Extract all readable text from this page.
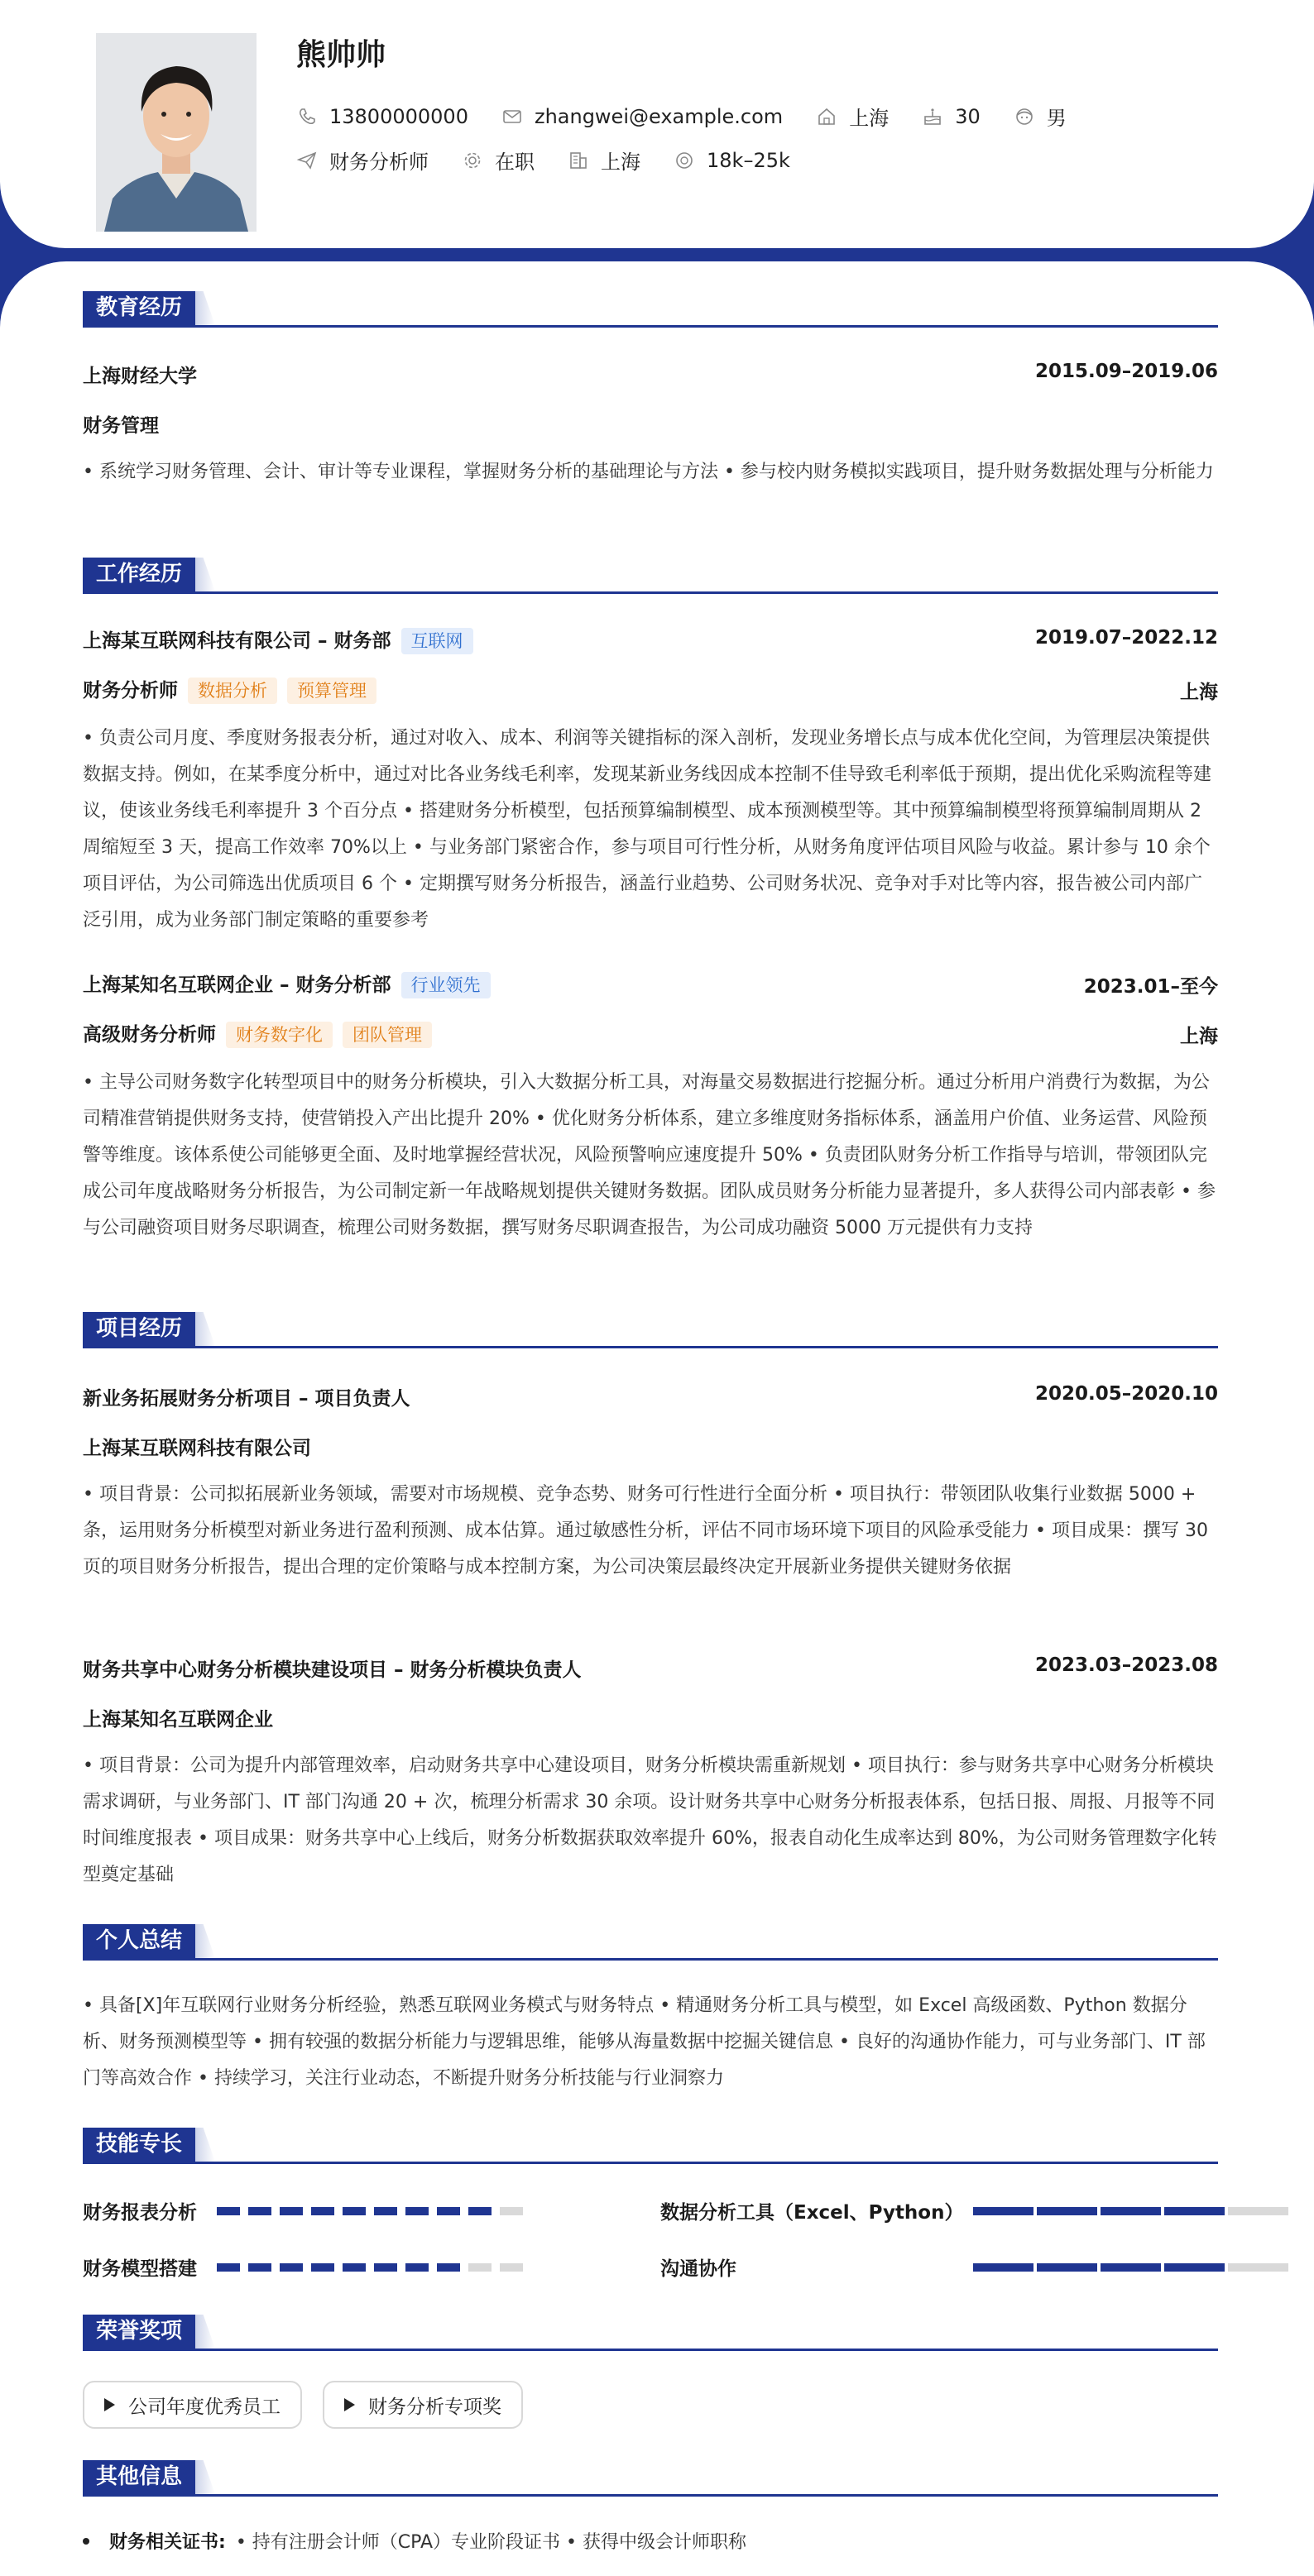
熊帅帅
13800000000	zhangwei@example.com	上海	30	男
财务分析师	在职	上海	18k–25k
教育经历
上海财经大学	2015.09–2019.06
财务管理
• 系统学习财务管理、会计、审计等专业课程，掌握财务分析的基础理论与方法 • 参与校内财务模拟实践项目，提升财务数据处理与分析能力
工作经历
上海某互联网科技有限公司 – 财务部 互联网	2019.07–2022.12
财务分析师 数据分析 预算管理	上海
• 负责公司月度、季度财务报表分析，通过对收入、成本、利润等关键指标的深入剖析，发现业务增长点与成本优化空间，为管理层决策提供数据支持。例如，在某季度分析中，通过对比各业务线毛利率，发现某新业务线因成本控制不佳导致毛利率低于预期，提出优化采购流程等建议，使该业务线毛利率提升 3 个百分点 • 搭建财务分析模型，包括预算编制模型、成本预测模型等。其中预算编制模型将预算编制周期从 2 周缩短至 3 天，提高工作效率 70%以上 • 与业务部门紧密合作，参与项目可行性分析，从财务角度评估项目风险与收益。累计参与 10 余个项目评估，为公司筛选出优质项目 6 个 • 定期撰写财务分析报告，涵盖行业趋势、公司财务状况、竞争对手对比等内容，报告被公司内部广泛引用，成为业务部门制定策略的重要参考
上海某知名互联网企业 – 财务分析部 行业领先	2023.01–至今
高级财务分析师 财务数字化 团队管理	上海
• 主导公司财务数字化转型项目中的财务分析模块，引入大数据分析工具，对海量交易数据进行挖掘分析。通过分析用户消费行为数据，为公司精准营销提供财务支持，使营销投入产出比提升 20% • 优化财务分析体系，建立多维度财务指标体系，涵盖用户价值、业务运营、风险预警等维度。该体系使公司能够更全面、及时地掌握经营状况，风险预警响应速度提升 50% • 负责团队财务分析工作指导与培训，带领团队完成公司年度战略财务分析报告，为公司制定新一年战略规划提供关键财务数据。团队成员财务分析能力显著提升，多人获得公司内部表彰 • 参与公司融资项目财务尽职调查，梳理公司财务数据，撰写财务尽职调查报告，为公司成功融资 5000 万元提供有力支持
项目经历
新业务拓展财务分析项目 – 项目负责人	2020.05–2020.10
上海某互联网科技有限公司
• 项目背景：公司拟拓展新业务领域，需要对市场规模、竞争态势、财务可行性进行全面分析 • 项目执行：带领团队收集行业数据 5000 + 条，运用财务分析模型对新业务进行盈利预测、成本估算。通过敏感性分析，评估不同市场环境下项目的风险承受能力 • 项目成果：撰写 30 页的项目财务分析报告，提出合理的定价策略与成本控制方案，为公司决策层最终决定开展新业务提供关键财务依据
财务共享中心财务分析模块建设项目 – 财务分析模块负责人	2023.03–2023.08
上海某知名互联网企业
• 项目背景：公司为提升内部管理效率，启动财务共享中心建设项目，财务分析模块需重新规划 • 项目执行：参与财务共享中心财务分析模块需求调研，与业务部门、IT 部门沟通 20 + 次，梳理分析需求 30 余项。设计财务共享中心财务分析报表体系，包括日报、周报、月报等不同时间维度报表 • 项目成果：财务共享中心上线后，财务分析数据获取效率提升 60%，报表自动化生成率达到 80%，为公司财务管理数字化转型奠定基础
个人总结
• 具备[X]年互联网行业财务分析经验，熟悉互联网业务模式与财务特点 • 精通财务分析工具与模型，如 Excel 高级函数、Python 数据分析、财务预测模型等 • 拥有较强的数据分析能力与逻辑思维，能够从海量数据中挖掘关键信息 • 良好的沟通协作能力，可与业务部门、IT 部门等高效合作 • 持续学习，关注行业动态，不断提升财务分析技能与行业洞察力
技能专长
财务报表分析	数据分析工具（Excel、Python）
财务模型搭建	沟通协作
荣誉奖项
公司年度优秀员工	财务分析专项奖
其他信息
财务相关证书: • 持有注册会计师（CPA）专业阶段证书 • 获得中级会计师职称
